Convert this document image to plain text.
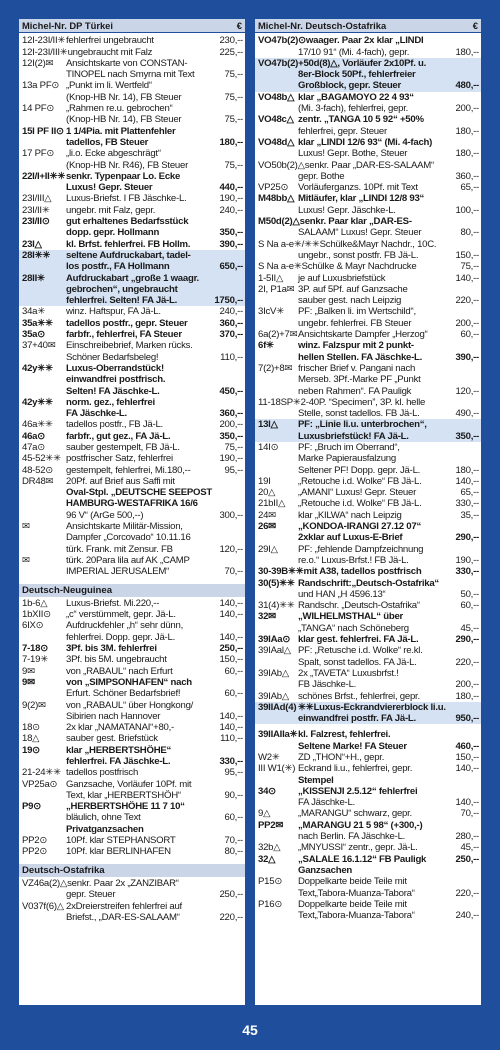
Michel-Nr. DP Türkei	€
12I-23I/II✳ fehlerfrei ungebraucht	230,--
12I-23I/III✳ ungebraucht mit Falz	225,--
12I(2)✉	Ansichtskarte von CONSTAN-
TINOPEL nach Smyrna mit Text	75,--
13a PF⊙ „Punkt im li. Wertfeld“
(Knop-HB Nr. 14), FB Steuer	75,--
14 PF⊙	„Rahmen re.u. gebrochen“
(Knop-HB Nr. 14), FB Steuer	75,--
15I PF II⊙ 1 1/4Pia. mit Plattenfehler
tadellos, FB Steuer	180,--
17 PF⊙	„li.o. Ecke abgeschrägt“
(Knop-HB Nr. R46), FB Steuer	75,--
22I/I+II✳✳ senkr. Typenpaar Lo. Ecke
Luxus! Gepr. Steuer	440,--
23I/III△	Luxus-Briefst. I FB Jäschke-L.	190,--
23I/II✳	ungebr. mit Falz, gepr.	240,--
23I/II⊙	gut erhaltenes Bedarfsstück
dopp. gepr. Hollmann	350,--
23I△	kl. Brfst. fehlerfrei. FB Hollm.	390,--
28I✳✳	seltene Aufdruckabart, tadel-
los postfr., FA Hollmann	650,--
28II✳	Aufdruckabart „große 1 waagr.
gebrochen“, ungebraucht
fehlerfrei. Selten! FA Jä-L.	1750,--
34a✳	winz. Haftspur, FA Jä-L.	240,--
35a✳✳	tadellos postfr., gepr. Steuer	360,--
35a⊙	farbfr., fehlerfrei, FA Steuer	370,--
37+40✉	Einschreibebrief, Marken rücks.
Schöner Bedarfsbeleg!	110,--
42y✳✳	Luxus-Oberrandstück!
einwandfrei postfrisch.
Selten! FA Jäschke-L.	450,--
42y✳✳	norm. gez., fehlerfrei
FA Jäschke-L.	360,--
46a✳✳	tadellos postfr., FB Jä-L.	200,--
46a⊙	farbfr., gut gez., FA Jä-L.	350,--
47a⊙	sauber gestempelt, FB Jä-L.	75,--
45-52✳✳ postfrischer Satz, fehlerfrei	190,--
48-52⊙	gestempelt, fehlerfrei, Mi.180,--	95,--
DR48✉	20Pf. auf Brief aus Saffi mit
Oval-Stpl. „DEUTSCHE SEEPOST
HAMBURG-WESTAFRIKA 16/6
96 V“ (ArGe 500,--)	300,--
✉	Ansichtskarte Militär-Mission,
Dampfer „Corcovado“ 10.11.16
türk. Frank. mit Zensur. FB	120,--
✉	türk. 20Para lila auf AK „CAMP
IMPERIAL JERUSALEM“	70,--
Deutsch-Neuguinea
1b-6△	Luxus-Briefst. Mi.220,--	140,--
1bXII⊙	„c“ verstümmelt, gepr. Jä-L.	140,--
6IX⊙	Aufdruckfehler „h“ sehr dünn,
fehlerfrei. Dopp. gepr. Jä-L.	140,--
7-18⊙	3Pf. bis 3M. fehlerfrei	250,--
7-19✳	3Pf. bis 5M. ungebraucht	150,--
9✉	von „RABAUL“ nach Erfurt	60,--
9✉	von „SIMPSONHAFEN“ nach
Erfurt. Schöner Bedarfsbrief!	60,--
9(2)✉	von „RABAUL“ über Hongkong/
Sibirien nach Hannover	140,--
18⊙	2x klar „NAMATANAI“+80,-	140,--
18△	sauber gest. Briefstück	110,--
19⊙	klar „HERBERTSHÖHE“
fehlerfrei. FA Jäschke-L.	330,--
21-24✳✳ tadellos postfrisch	95,--
VP25a⊙ Ganzsache, Vorläufer 10Pf. mit
Text, klar „HERBERTSHÖH“	90,--
P9⊙	„HERBERTSHÖHE 11 7 10“
bläulich, ohne Text	60,--
Privatganzsachen
PP2⊙	10Pf. klar STEPHANSORT	70,--
PP2⊙	10Pf. klar BERLINHAFEN	80,--
Deutsch-Ostafrika
VZ46a(2)△ senkr. Paar 2x „ZANZIBAR“
gepr. Steuer	250,--
V037f(6)△ 2xDreierstreifen fehlerfrei auf
Briefst., „DAR-ES-SALAAM“	220,--
Michel-Nr. Deutsch-Ostafrika	€
VO47b(2)⊙ waager. Paar 2x klar „LINDI
17/10 91“ (Mi. 4-fach), gepr.	180,--
VO47b(2)+50d(8)△ , Vorläufer 2x10Pf. u.
8er-Block 50Pf., fehlerfreier
Großblock, gepr. Steuer	480,--
VO48b△ klar „BAGAMOYO 22 4 93“
(Mi. 3-fach), fehlerfrei, gepr.	200,--
VO48c△ zentr. „TANGA 10 5 92“ +50%
fehlerfrei, gepr. Steuer	180,--
VO48d△ klar „LINDI 12/6 93“ (Mi. 4-fach)
Luxus! Gepr. Bothe, Steuer	180,--
VO50b(2)△ senkr. Paar „DAR-ES-SALAAM“
gepr. Bothe	360,--
VP25⊙	Vorläuferganzs. 10Pf. mit Text	65,--
M48bb△ Mitläufer, klar „LINDI 12/8 93“
Luxus! Gepr. Jäschke-L.	100,--
M50d(2)△ senkr. Paar klar „DAR-ES-
SALAAM“ Luxus! Gepr. Steuer	80,--
S Na a-e✳/✳✳ Schülke&Mayr Nachdr., 10C.
ungebr., sonst postfr. FB Jä-L.	150,--
S Na a-e✳ Schülke & Mayr Nachdrucke	75,--
1-5II△	je auf Luxusbriefstück	140,--
2I, P1a✉ 3P. auf 5Pf. auf Ganzsache
sauber gest. nach Leipzig	220,--
3IcV✳	PF: „Balken li. im Wertschild“,
ungebr. fehlerfrei. FB Steuer	200,--
6a(2)+7✉ Ansichtskarte Dampfer „Herzog“	60,--
6f✳	winz. Falzspur mit 2 punkt-
hellen Stellen. FA Jäschke-L.	390,--
7(2)+8✉ frischer Brief v. Pangani nach
Merseb. 3Pf.-Marke PF „Punkt
neben Rahmen“. FA Pauligk	120,--
11-18SP✳ 2-40P. “Specimen”, 3P. kl. helle
Stelle, sonst tadellos. FB Jä-L.	490,--
13I△	PF: „Linie li.u. unterbrochen“,
Luxusbriefstück! FA Jä-L.	350,--
14I⊙	PF: „Bruch im Oberrand“,
Marke Papierausfalzung
Seltener PF! Dopp. gepr. Jä-L.	180,--
19I	„Retouche i.d. Wolke“ FB Jä-L.	140,--
20△	„AMANI“ Luxus! Gepr. Steuer	65,--
21bII△	„Retouche i.d. Wolke“ FB Jä-L.	330,--
24✉	klar „KILWA“ nach Leipzig	35,--
26✉	„KONDOA-IRANGI 27.12 07“
2xklar auf Luxus-E-Brief	290,--
29I△	PF: „fehlende Dampfzeichnung
re.o.“ Luxus-Brfst.! FB Jä-L.	190,--
30-39B✳✳ mit A38, tadellos postfrisch	330,--
30(5)✳✳ Randschrift:„Deutsch-Ostafrika“
und HAN „H 4596.13“	50,--
31(4)✳✳ Randschr. „Deutsch-Ostafrika“	60,--
32✉	„WILHELMSTHAL“ über
„TANGA“ nach Schöneberg	45,--
39IAa⊙ klar gest. fehlerfrei. FA Jä-L.	290,--
39IAal△ PF: „Retusche i.d. Wolke“ re.kl.
Spalt, sonst tadellos. FA Jä-L.	220,--
39IAb△ 2x „TAVETA“ Luxusbrfst.!
FB Jäschke-L.	200,--
39IAb△ schönes Brfst., fehlerfrei, gepr.	180,--
39IIAd(4) ✳✳Luxus-Eckrandviererblock li.u.
einwandfrei postfr. FA Jä-L.	950,--
39IIAIIa✳ kl. Falzrest, fehlerfrei.
Seltene Marke! FA Steuer	460,--
W2✳	ZD „THON“+H., gepr.	150,--
III W1(✳) Eckrand li.u., fehlerfrei, gepr.	140,--
Stempel
34⊙	„KISSENJI 2.5.12“ fehlerfrei
FA Jäschke-L.	140,--
9△	„MARANGU“ schwarz, gepr.	70,--
PP2✉	„MARANGU 21 5 98“ (+300,-)
nach Berlin. FA Jäschke-L.	280,--
32b△	„MNYUSSI“ zentr., gepr. Jä-L.	45,--
32△	„SALALE 16.1.12“ FB Pauligk	250,--
Ganzsachen
P15⊙	Doppelkarte beide Teile mit
Text„Tabora-Muanza-Tabora“	220,--
P16⊙	Doppelkarte beide Teile mit
Text„Tabora-Muanza-Tabora“	240,--
45
